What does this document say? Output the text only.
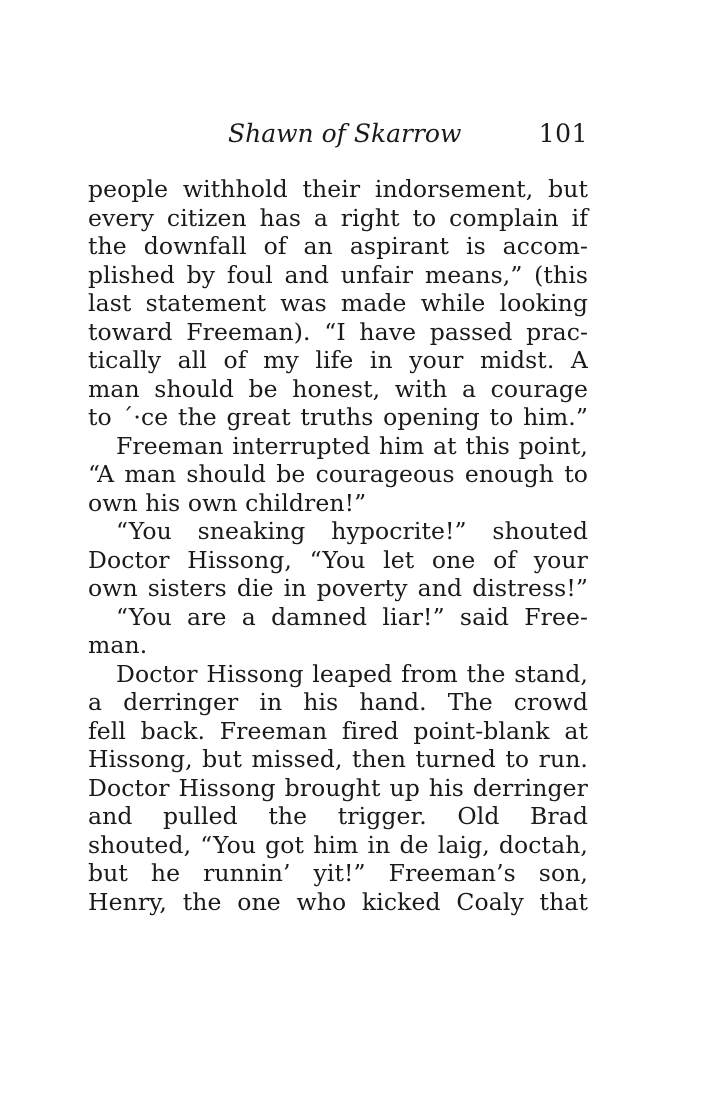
Shawn of Skarrow	101
people withhold their indorsement, but
every citizen has a right to complain if
the downfall of an aspirant is accom-
plished by foul and unfair means,” (this
last statement was made while looking
toward Freeman). “I have passed prac-
tically all of my life in your midst. A
man should be honest, with a courage
to ´·ce the great truths opening to him.”
Freeman interrupted him at this point,
“A man should be courageous enough to
own his own children!”
“You sneaking hypocrite!” shouted
Doctor Hissong, “You let one of your
own sisters die in poverty and distress!”
“You are a damned liar!” said Free-
man.
Doctor Hissong leaped from the stand,
a derringer in his hand. The crowd
fell back. Freeman fired point-blank at
Hissong, but missed, then turned to run.
Doctor Hissong brought up his derringer
and pulled the trigger. Old Brad
shouted, “You got him in de laig, doctah,
but he runnin’ yit!” Freeman’s son,
Henry, the one who kicked Coaly that
